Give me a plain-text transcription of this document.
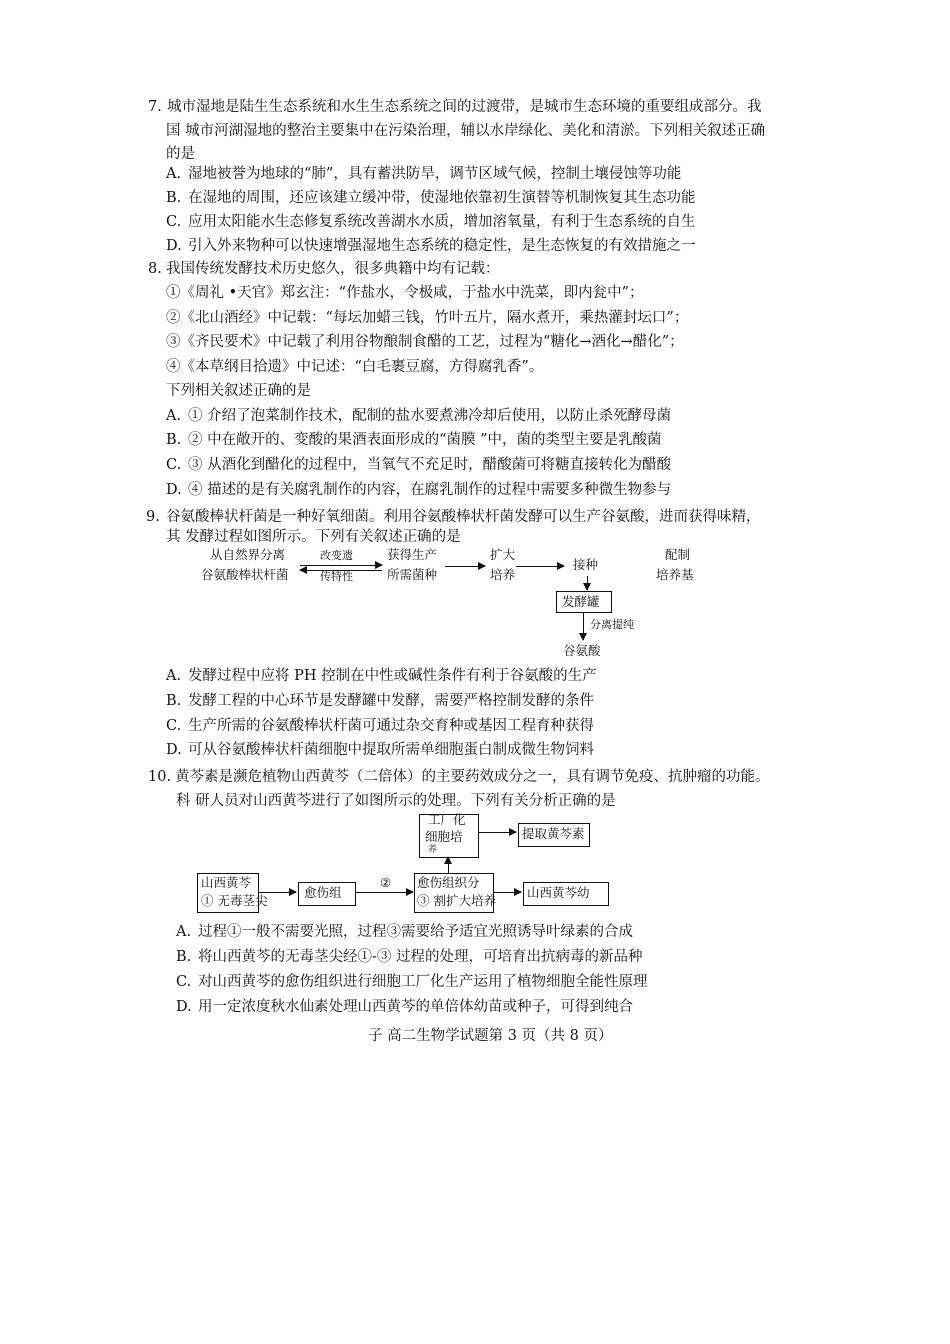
7. 城市湿地是陆生生态系统和水生生态系统之间的过渡带，是城市生态环境的重要组成部分。我
国 城市河湖湿地的整治主要集中在污染治理，辅以水岸绿化、美化和清淤。下列相关叙述正确
的是
A. 湿地被誉为地球的“肺”，具有蓄洪防旱，调节区域气候，控制土壤侵蚀等功能
B. 在湿地的周围，还应该建立缓冲带，使湿地依靠初生演替等机制恢复其生态功能
C. 应用太阳能水生态修复系统改善湖水水质，增加溶氧量，有利于生态系统的自生
D. 引入外来物种可以快速增强湿地生态系统的稳定性，是生态恢复的有效措施之一
8. 我国传统发酵技术历史悠久，很多典籍中均有记载：
①《周礼 •天官》郑玄注：“作盐水，令极咸，于盐水中洗菜，即内瓮中”；
②《北山酒经》中记载：“每坛加蜡三钱，竹叶五片，隔水煮开，乘热灌封坛口”；
③《齐民要术》中记载了利用谷物酿制食醋的工艺，过程为“糖化→酒化→醋化”；
④《本草纲目拾遗》中记述：“白毛裹豆腐，方得腐乳香”。
下列相关叙述正确的是
A. ① 介绍了泡菜制作技术，配制的盐水要煮沸冷却后使用，以防止杀死酵母菌
B. ② 中在敞开的、变酸的果酒表面形成的“菌膜 ”中，菌的类型主要是乳酸菌
C. ③ 从酒化到醋化的过程中，当氧气不充足时，醋酸菌可将糖直接转化为醋酸
D. ④ 描述的是有关腐乳制作的内容，在腐乳制作的过程中需要多种微生物参与
9. 谷氨酸棒状杆菌是一种好氧细菌。利用谷氨酸棒状杆菌发酵可以生产谷氨酸，进而获得味精，
其 发酵过程如图所示。下列有关叙述正确的是
从自然界分离
谷氨酸棒状杆菌
改变遗
传特性
获得生产
所需菌种
扩大
培养
接种
配制
培养基
发酵罐
分离提纯
谷氨酸
A. 发酵过程中应将 PH 控制在中性或碱性条件有利于谷氨酸的生产
B. 发酵工程的中心环节是发酵罐中发酵，需要严格控制发酵的条件
C. 生产所需的谷氨酸棒状杆菌可通过杂交育种或基因工程育种获得
D. 可从谷氨酸棒状杆菌细胞中提取所需单细胞蛋白制成微生物饲料
10. 黄芩素是濒危植物山西黄芩（二倍体）的主要药效成分之一，具有调节免疫、抗肿瘤的功能。
科 研人员对山西黄芩进行了如图所示的处理。下列有关分析正确的是
工厂化
细胞培
养
提取黄芩素
山西黄芩
① 无毒茎尖
愈伤组
② 愈伤组织分
③ 割扩大培养
山西黄芩幼
A. 过程①一般不需要光照，过程③需要给予适宜光照诱导叶绿素的合成
B. 将山西黄芩的无毒茎尖经①-③ 过程的处理，可培育出抗病毒的新品种
C. 对山西黄芩的愈伤组织进行细胞工厂化生产运用了植物细胞全能性原理
D. 用一定浓度秋水仙素处理山西黄芩的单倍体幼苗或种子，可得到纯合
子 高二生物学试题第 3 页（共 8 页）
